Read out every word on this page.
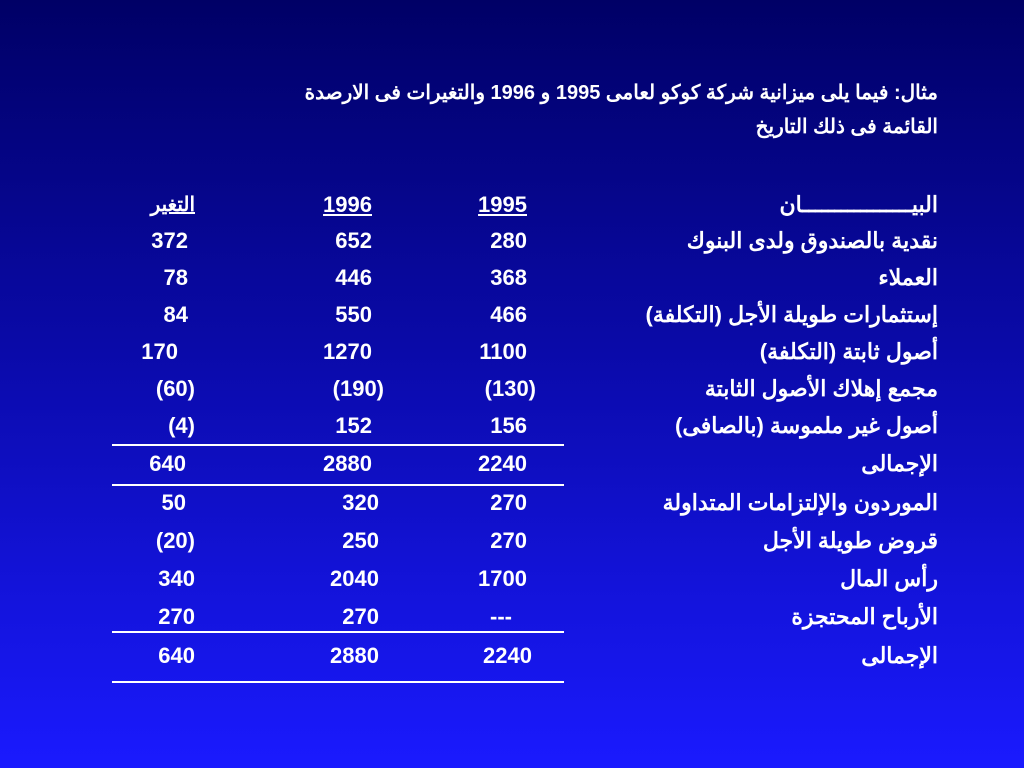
مثال: فيما يلى ميزانية شركة كوكو لعامى 1995 و 1996 والتغيرات فى الارصدة
القائمة فى ذلك التاريخ
البيـــــــــــــــــان
1995
1996
التغير
نقدية بالصندوق ولدى البنوك
280
652
372
العملاء
368
446
78
إستثمارات طويلة الأجل (التكلفة)
466
550
84
أصول ثابتة (التكلفة)
1100
1270
170
مجمع إهلاك الأصول الثابتة
(130)
(190)
(60)
أصول غير ملموسة (بالصافى)
156
152
(4)
الإجمالى
2240
2880
640
الموردون والإلتزامات المتداولة
270
320
50
قروض طويلة الأجل
270
250
(20)
رأس المال
1700
2040
340
الأرباح المحتجزة
---
270
270
الإجمالى
2240
2880
640
